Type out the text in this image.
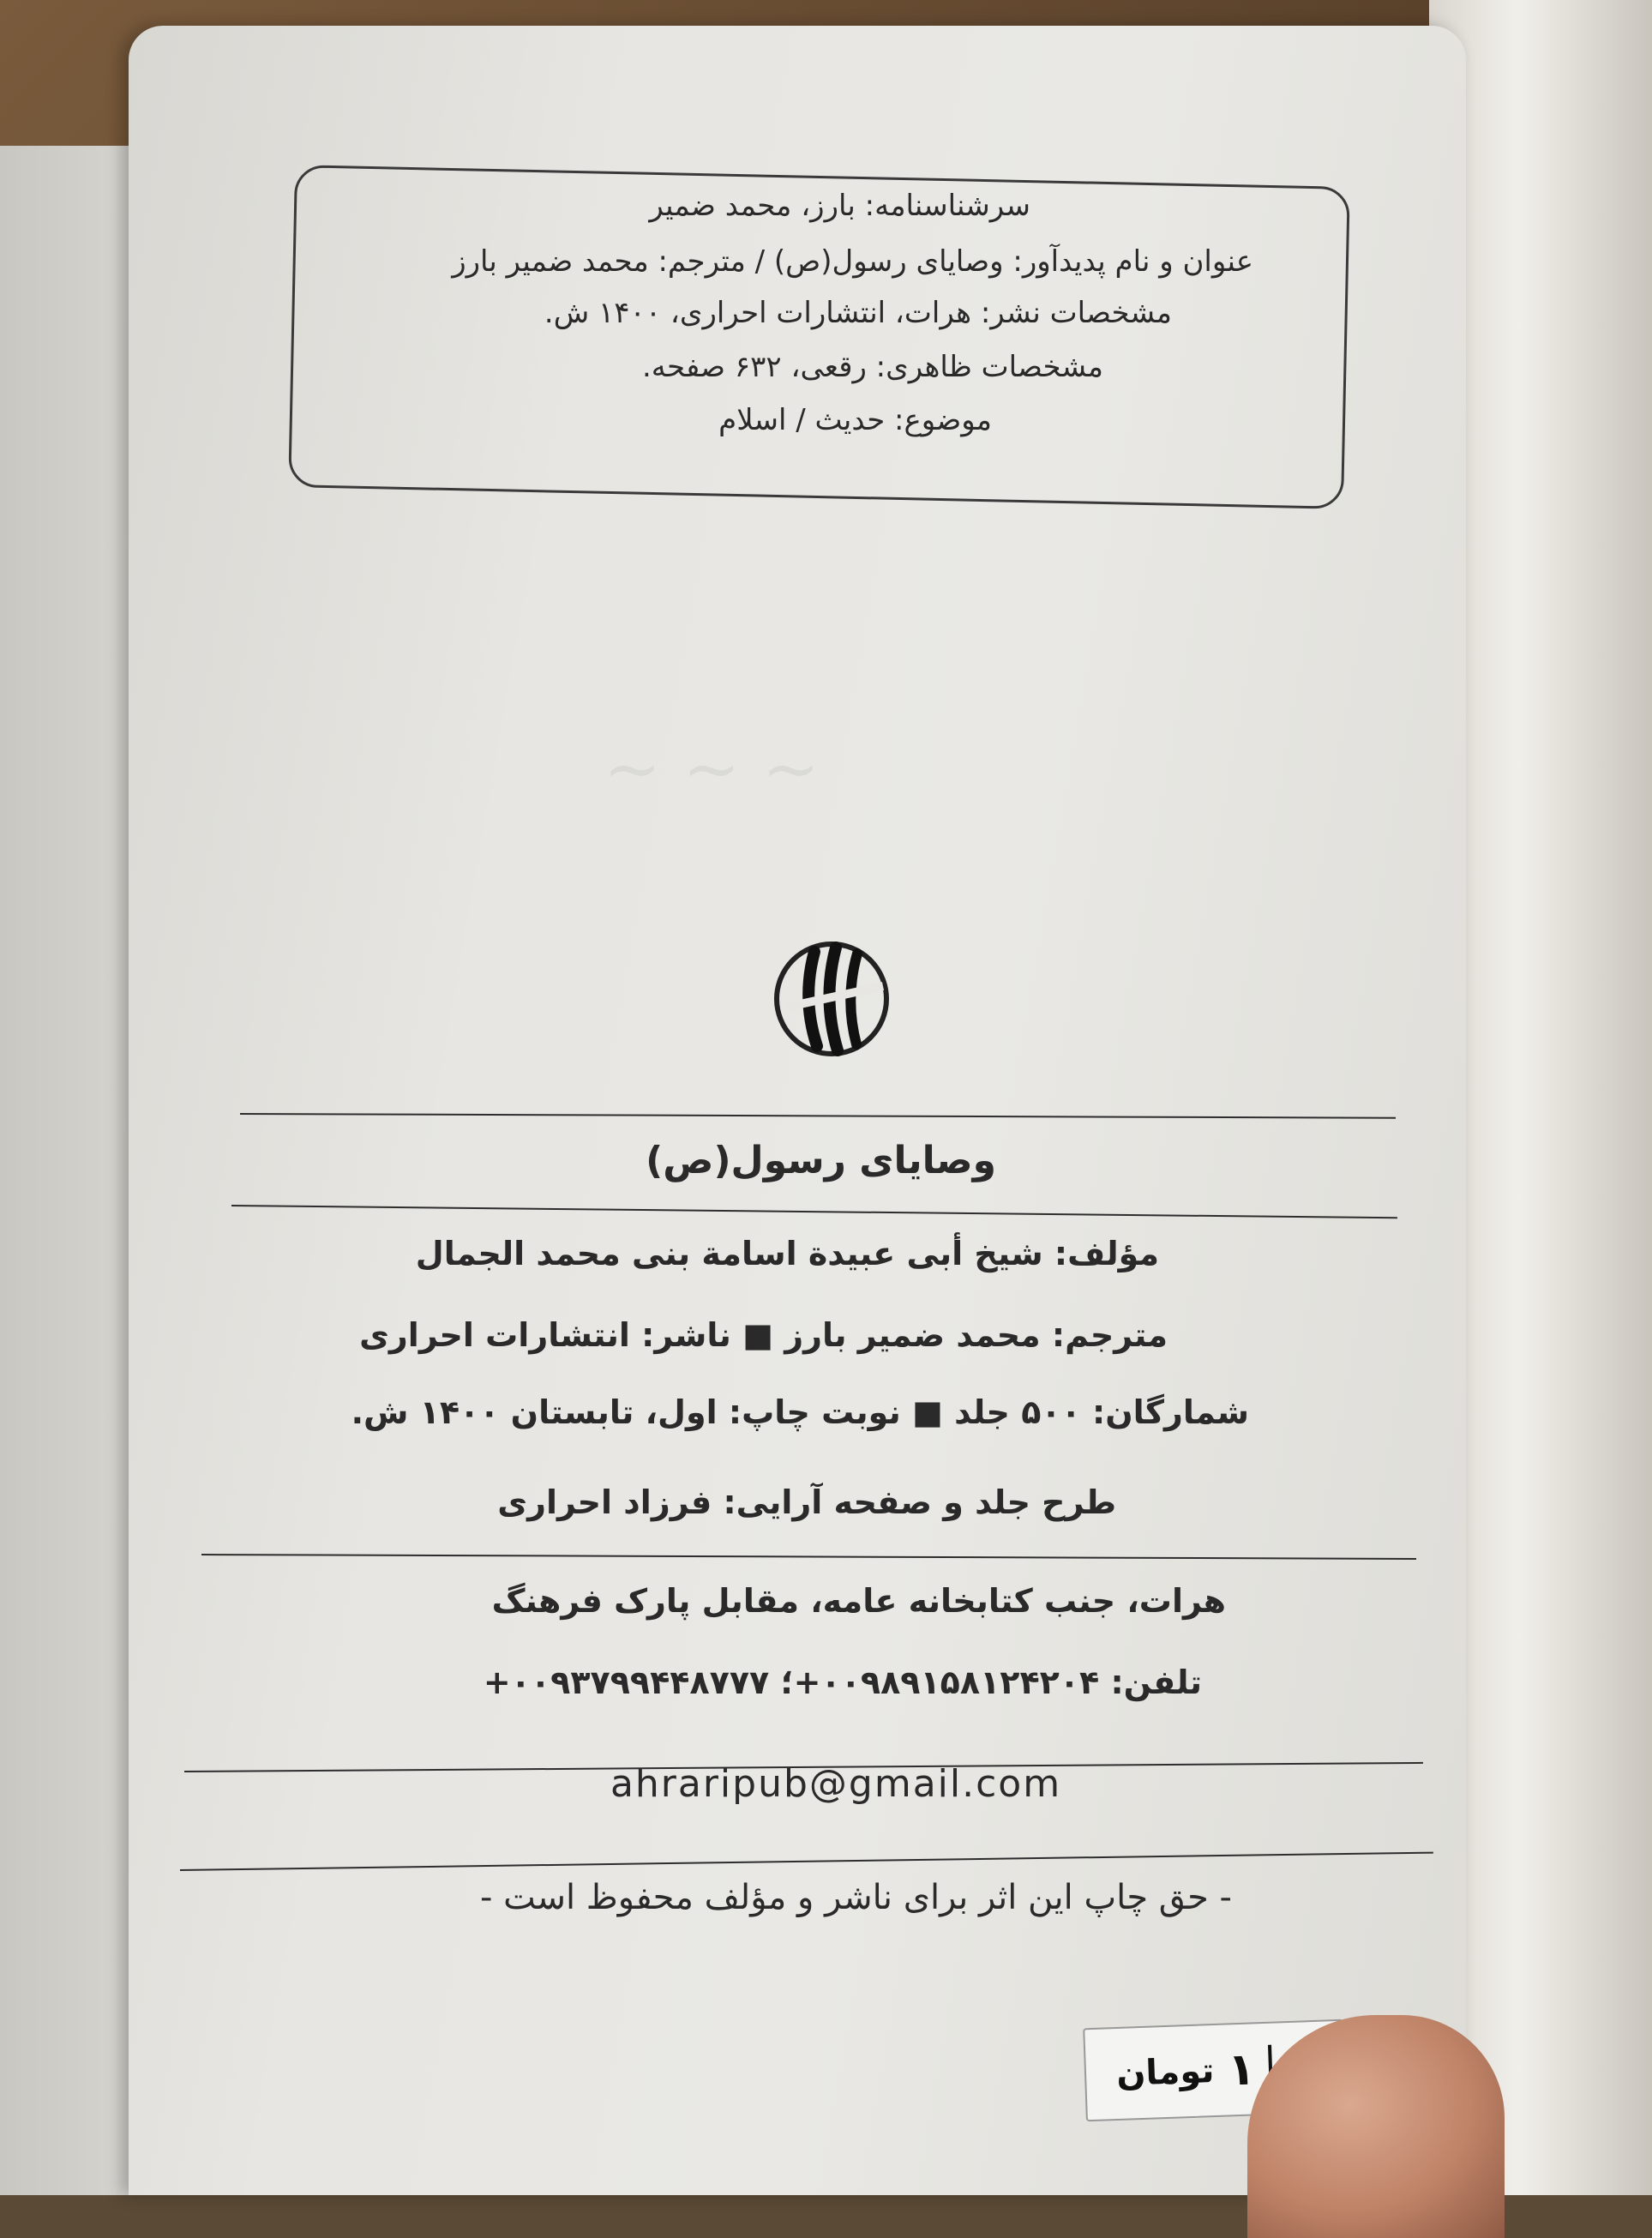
~ ~ ~
سرشناسنامه: بارز، محمد ضمیر
عنوان و نام پدیدآور: وصایای رسول(ص) / مترجم: محمد ضمیر بارز
مشخصات نشر: هرات، انتشارات احراری، ۱۴۰۰ ش.
مشخصات ظاهری: رقعی، ۶۳۲ صفحه.
موضوع: حدیث / اسلام
وصایای رسول(ص)
مؤلف: شیخ أبی عبیدة اسامة بنی محمد الجمال
مترجم: محمد ضمیر بارز ■ ناشر: انتشارات احراری
شمارگان: ۵۰۰ جلد ■ نوبت چاپ: اول، تابستان ۱۴۰۰ ش.
طرح جلد و صفحه آرایی: فرزاد احراری
هرات، جنب کتابخانه عامه، مقابل پارک فرهنگ
تلفن: ۰۰۹۸۹۱۵۸۱۲۴۲۰۴+؛ ۰۰۹۳۷۹۹۴۴۸۷۷۷+
ahraripub@gmail.com
- حق چاپ این اثر برای ناشر و مؤلف محفوظ است -
۱
تومان
